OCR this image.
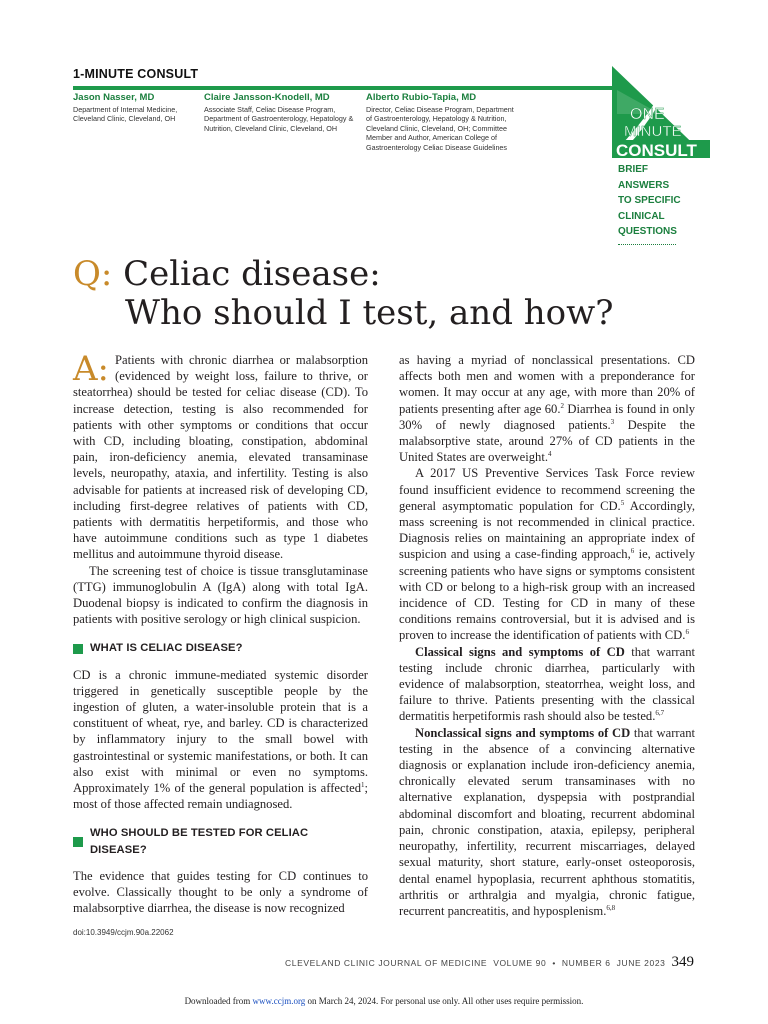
1-MINUTE CONSULT
Jason Nasser, MD
Department of Internal Medicine, Cleveland Clinic, Cleveland, OH
Claire Jansson-Knodell, MD
Associate Staff, Celiac Disease Program, Department of Gastroenterology, Hepatology & Nutrition, Cleveland Clinic, Cleveland, OH
Alberto Rubio-Tapia, MD
Director, Celiac Disease Program, Department of Gastroenterology, Hepatology & Nutrition, Cleveland Clinic, Cleveland, OH; Committee Member and Author, American College of Gastroenterology Celiac Disease Guidelines
ONE
MINUTE
CONSULT
BRIEF
ANSWERS
TO SPECIFIC
CLINICAL
QUESTIONS
Q: Celiac disease:
Who should I test, and how?

A: Patients with chronic diarrhea or malabsorption (evidenced by weight loss, failure to thrive, or steatorrhea) should be tested for celiac disease (CD). To increase detection, testing is also recommended for patients with other symptoms or conditions that occur with CD, including bloating, constipation, abdominal pain, iron-deficiency anemia, elevated transaminase levels, neuropathy, ataxia, and infertility. Testing is also advisable for patients at increased risk of developing CD, including first-degree relatives of patients with CD, patients with dermatitis herpetiformis, and those who have autoimmune conditions such as type 1 diabetes mellitus and autoimmune thyroid disease.

The screening test of choice is tissue transglutaminase (TTG) immunoglobulin A (IgA) along with total IgA. Duodenal biopsy is indicated to confirm the diagnosis in patients with positive serology or high clinical suspicion.

WHAT IS CELIAC DISEASE?

CD is a chronic immune-mediated systemic disorder triggered in genetically susceptible people by the ingestion of gluten, a water-insoluble protein that is a constituent of wheat, rye, and barley. CD is characterized by inflammatory injury to the small bowel with gastrointestinal or systemic manifestations, or both. It can also exist with minimal or even no symptoms. Approximately 1% of the general population is affected$^1$; most of those affected remain undiagnosed.

WHO SHOULD BE TESTED FOR CELIAC DISEASE?

The evidence that guides testing for CD continues to evolve. Classically thought to be only a syndrome of malabsorptive diarrhea, the disease is now recognized

doi:10.3949/ccjm.90a.22062

as having a myriad of nonclassical presentations. CD affects both men and women with a preponderance for women. It may occur at any age, with more than 20% of patients presenting after age 60.$^2$ Diarrhea is found in only 30% of newly diagnosed patients.$^3$ Despite the malabsorptive state, around 27% of CD patients in the United States are overweight.$^4$

A 2017 US Preventive Services Task Force review found insufficient evidence to recommend screening the general asymptomatic population for CD.$^5$ Accordingly, mass screening is not recommended in clinical practice. Diagnosis relies on maintaining an appropriate index of suspicion and using a case-finding approach,$^6$ ie, actively screening patients who have signs or symptoms consistent with CD or belong to a high-risk group with an increased incidence of CD. Testing for CD in many of these conditions remains controversial, but it is advised and is proven to increase the identification of patients with CD.$^6$

Classical signs and symptoms of CD that warrant testing include chronic diarrhea, particularly with evidence of malabsorption, steatorrhea, weight loss, and failure to thrive. Patients presenting with the classical dermatitis herpetiformis rash should also be tested.$^{6,7}$

Nonclassical signs and symptoms of CD that warrant testing in the absence of a convincing alternative diagnosis or explanation include iron-deficiency anemia, chronically elevated serum transaminases with no alternative explanation, dyspepsia with postprandial abdominal discomfort and bloating, recurrent abdominal pain, chronic constipation, ataxia, epilepsy, peripheral neuropathy, infertility, recurrent miscarriages, delayed sexual maturity, short stature, early-onset osteoporosis, dental enamel hypoplasia, recurrent aphthous stomatitis, arthritis or arthralgia and myalgia, chronic fatigue, recurrent pancreatitis, and hyposplenism.$^{6,8}$

CLEVELAND CLINIC JOURNAL OF MEDICINE VOLUME 90 • NUMBER 6 JUNE 2023 349
Downloaded from www.ccjm.org on March 24, 2024. For personal use only. All other uses require permission.
